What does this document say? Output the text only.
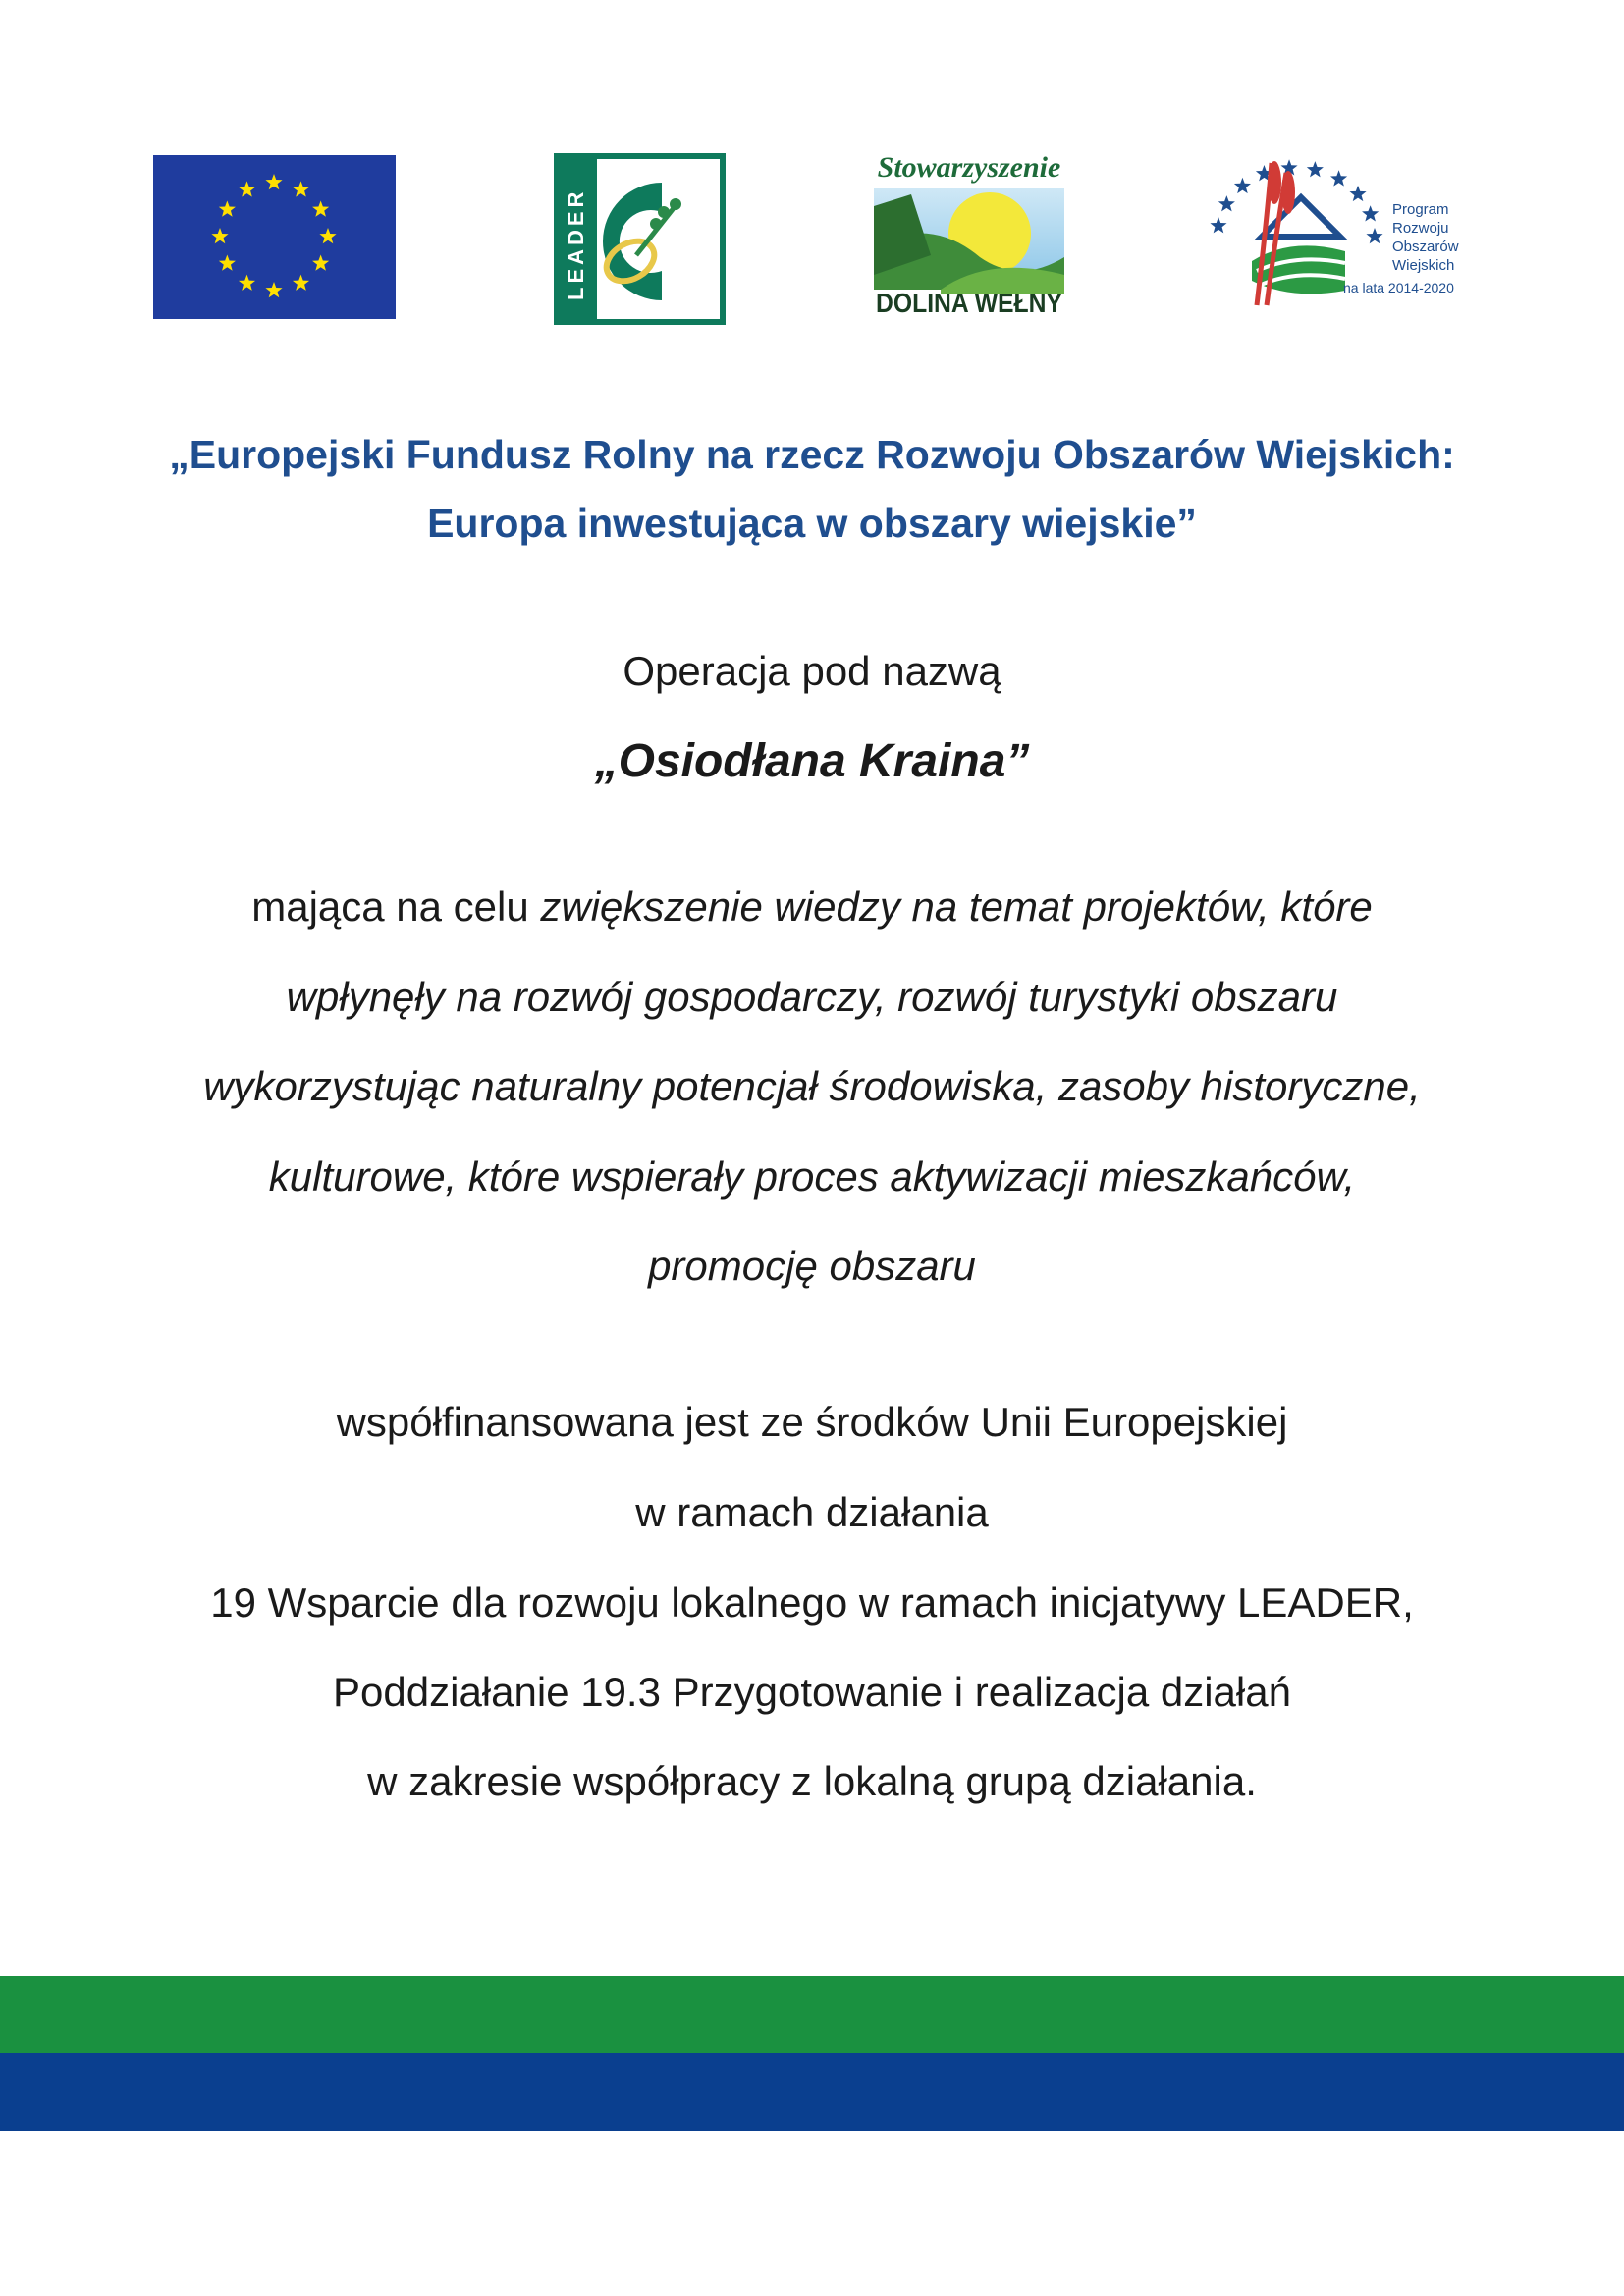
LEADER
Stowarzyszenie
DOLINA WEŁNY
Program
Rozwoju
Obszarów
Wiejskich
na lata 2014-2020
„Europejski Fundusz Rolny na rzecz Rozwoju Obszarów Wiejskich:
Europa inwestująca w obszary wiejskie”
Operacja pod nazwą
„Osiodłana Kraina”
mająca na celu zwiększenie wiedzy na temat projektów, które
wpłynęły na rozwój gospodarczy, rozwój turystyki obszaru
wykorzystując naturalny potencjał środowiska, zasoby historyczne,
kulturowe, które wspierały proces aktywizacji mieszkańców,
promocję obszaru
współfinansowana jest ze środków Unii Europejskiej
w ramach działania
19 Wsparcie dla rozwoju lokalnego w ramach inicjatywy LEADER,
Poddziałanie 19.3 Przygotowanie i realizacja działań
w zakresie współpracy z lokalną grupą działania.
